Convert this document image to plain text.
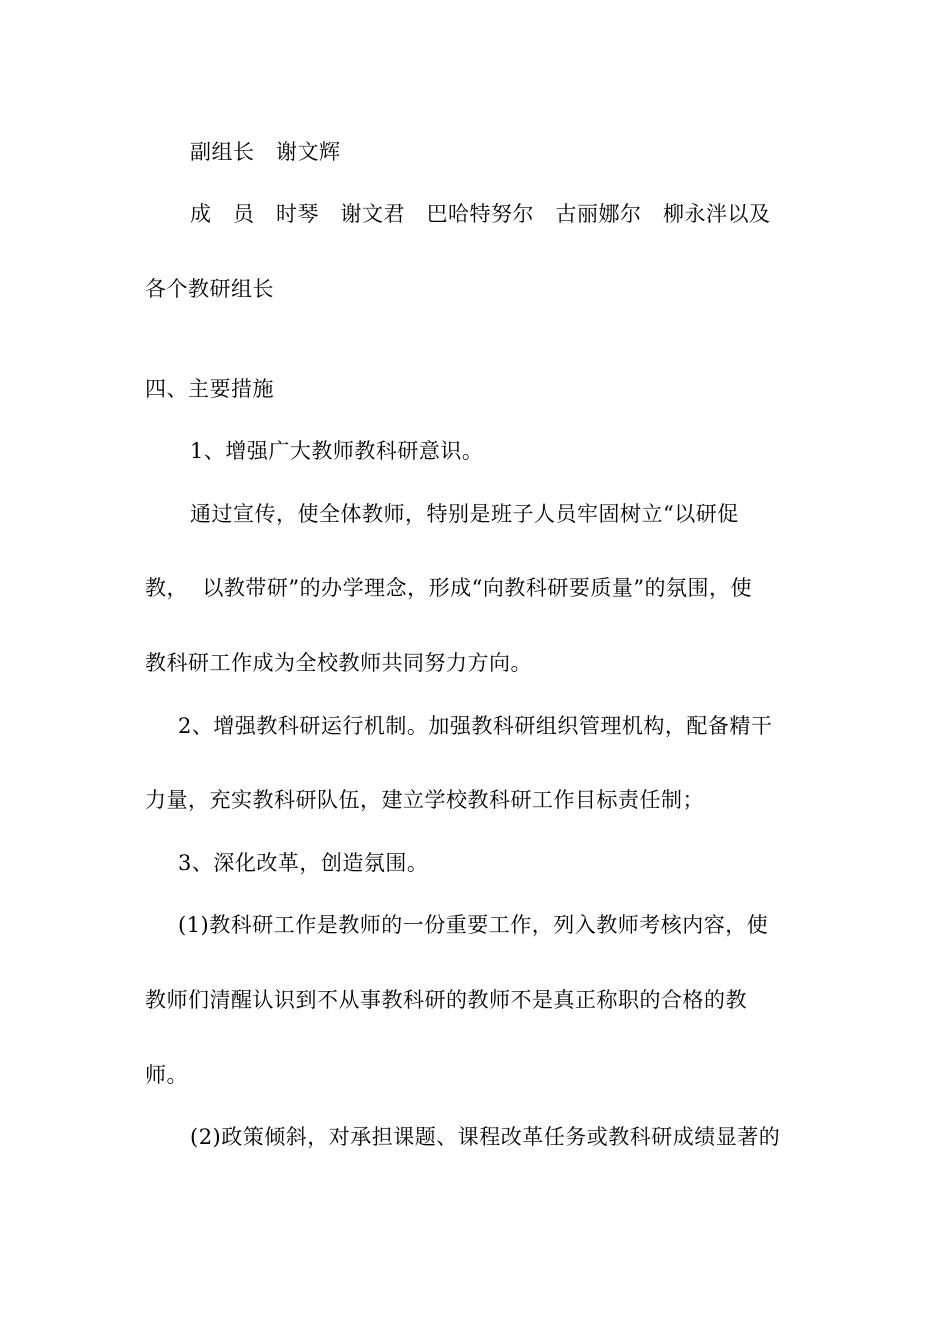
副组长　谢文辉
成　员　时琴　谢文君　巴哈特努尔　古丽娜尔　柳永泮以及
各个教研组长
四、主要措施
1、增强广大教师教科研意识。
通过宣传，使全体教师，特别是班子人员牢固树立“以研促
教，  以教带研”的办学理念，形成“向教科研要质量”的氛围，使
教科研工作成为全校教师共同努力方向。
2、增强教科研运行机制。加强教科研组织管理机构，配备精干
力量，充实教科研队伍，建立学校教科研工作目标责任制；
3、深化改革，创造氛围。
(1)教科研工作是教师的一份重要工作，列入教师考核内容，使
教师们清醒认识到不从事教科研的教师不是真正称职的合格的教
师。
(2)政策倾斜，对承担课题、课程改革任务或教科研成绩显著的
